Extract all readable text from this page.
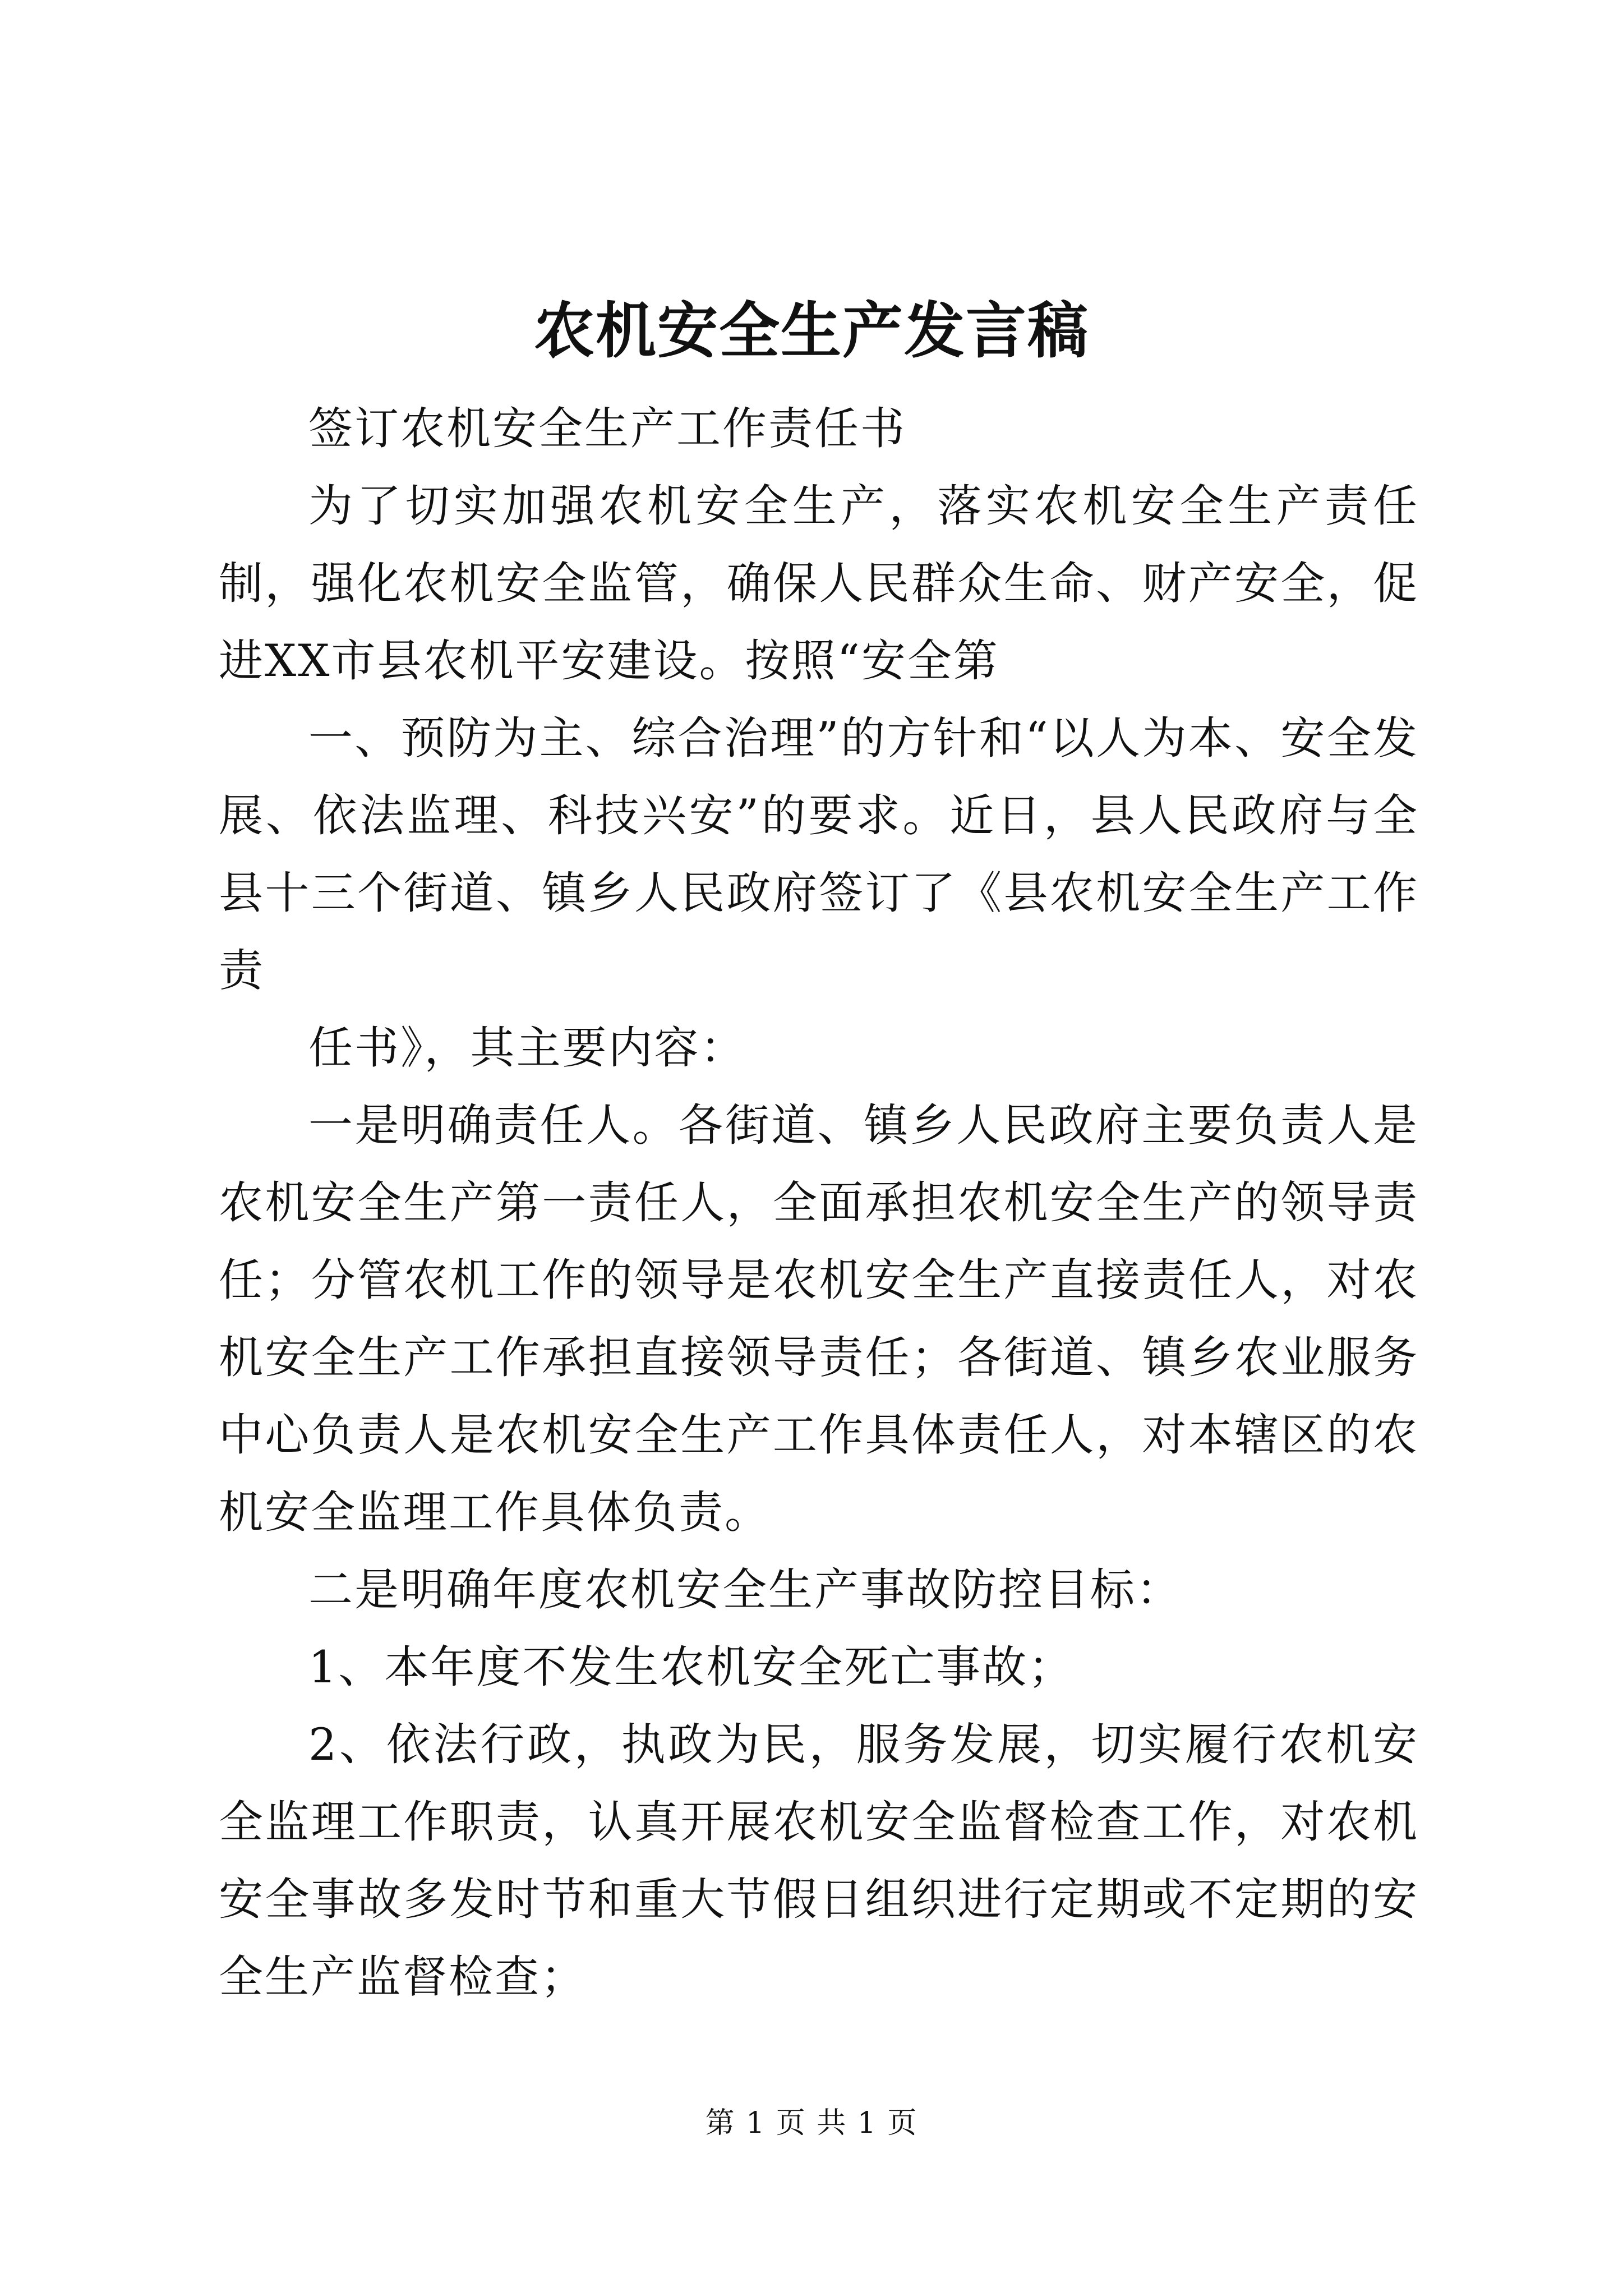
农机安全生产发言稿

签订农机安全生产工作责任书

为了切实加强农机安全生产，落实农机安全生产责任制，强化农机安全监管，确保人民群众生命、财产安全，促进XX市县农机平安建设。按照“安全第

一、预防为主、综合治理”的方针和“以人为本、安全发展、依法监理、科技兴安”的要求。近日，县人民政府与全县十三个街道、镇乡人民政府签订了《县农机安全生产工作责

任书》，其主要内容：

一是明确责任人。各街道、镇乡人民政府主要负责人是农机安全生产第一责任人，全面承担农机安全生产的领导责任；分管农机工作的领导是农机安全生产直接责任人，对农机安全生产工作承担直接领导责任；各街道、镇乡农业服务中心负责人是农机安全生产工作具体责任人，对本辖区的农机安全监理工作具体负责。

二是明确年度农机安全生产事故防控目标：

1、本年度不发生农机安全死亡事故；

2、依法行政，执政为民，服务发展，切实履行农机安全监理工作职责，认真开展农机安全监督检查工作，对农机安全事故多发时节和重大节假日组织进行定期或不定期的安全生产监督检查；

第 1 页 共 1 页
